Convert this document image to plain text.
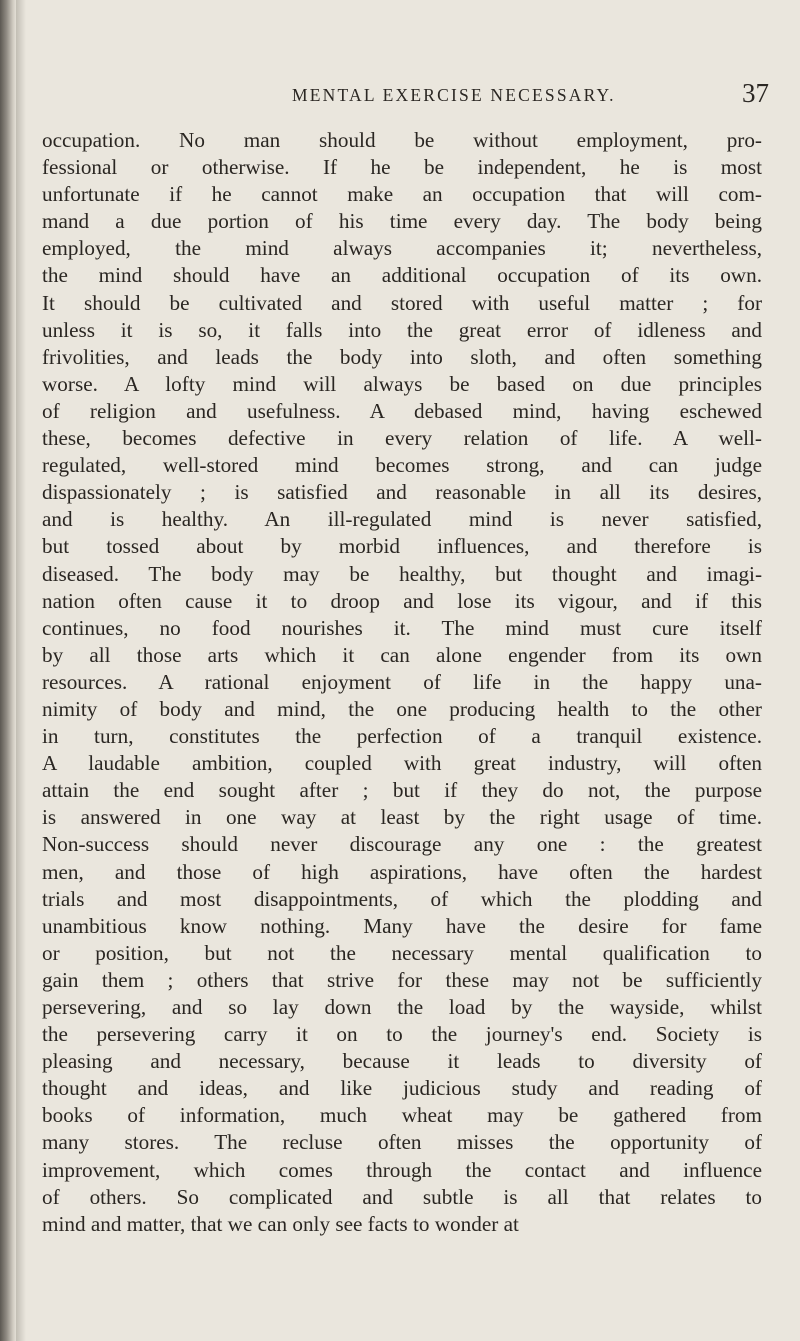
MENTAL EXERCISE NECESSARY.	37
occupation. No man should be without employment, pro-
fessional or otherwise. If he be independent, he is most
unfortunate if he cannot make an occupation that will com-
mand a due portion of his time every day. The body being
employed, the mind always accompanies it; nevertheless,
the mind should have an additional occupation of its own.
It should be cultivated and stored with useful matter ; for
unless it is so, it falls into the great error of idleness and
frivolities, and leads the body into sloth, and often something
worse. A lofty mind will always be based on due principles
of religion and usefulness. A debased mind, having eschewed
these, becomes defective in every relation of life. A well-
regulated, well-stored mind becomes strong, and can judge
dispassionately ; is satisfied and reasonable in all its desires,
and is healthy. An ill-regulated mind is never satisfied,
but tossed about by morbid influences, and therefore is
diseased. The body may be healthy, but thought and imagi-
nation often cause it to droop and lose its vigour, and if this
continues, no food nourishes it. The mind must cure itself
by all those arts which it can alone engender from its own
resources. A rational enjoyment of life in the happy una-
nimity of body and mind, the one producing health to the other
in turn, constitutes the perfection of a tranquil existence.
A laudable ambition, coupled with great industry, will often
attain the end sought after ; but if they do not, the purpose
is answered in one way at least by the right usage of time.
Non-success should never discourage any one : the greatest
men, and those of high aspirations, have often the hardest
trials and most disappointments, of which the plodding and
unambitious know nothing. Many have the desire for fame
or position, but not the necessary mental qualification to
gain them ; others that strive for these may not be sufficiently
persevering, and so lay down the load by the wayside, whilst
the persevering carry it on to the journey's end. Society is
pleasing and necessary, because it leads to diversity of
thought and ideas, and like judicious study and reading of
books of information, much wheat may be gathered from
many stores. The recluse often misses the opportunity of
improvement, which comes through the contact and influence
of others. So complicated and subtle is all that relates to
mind and matter, that we can only see facts to wonder at
